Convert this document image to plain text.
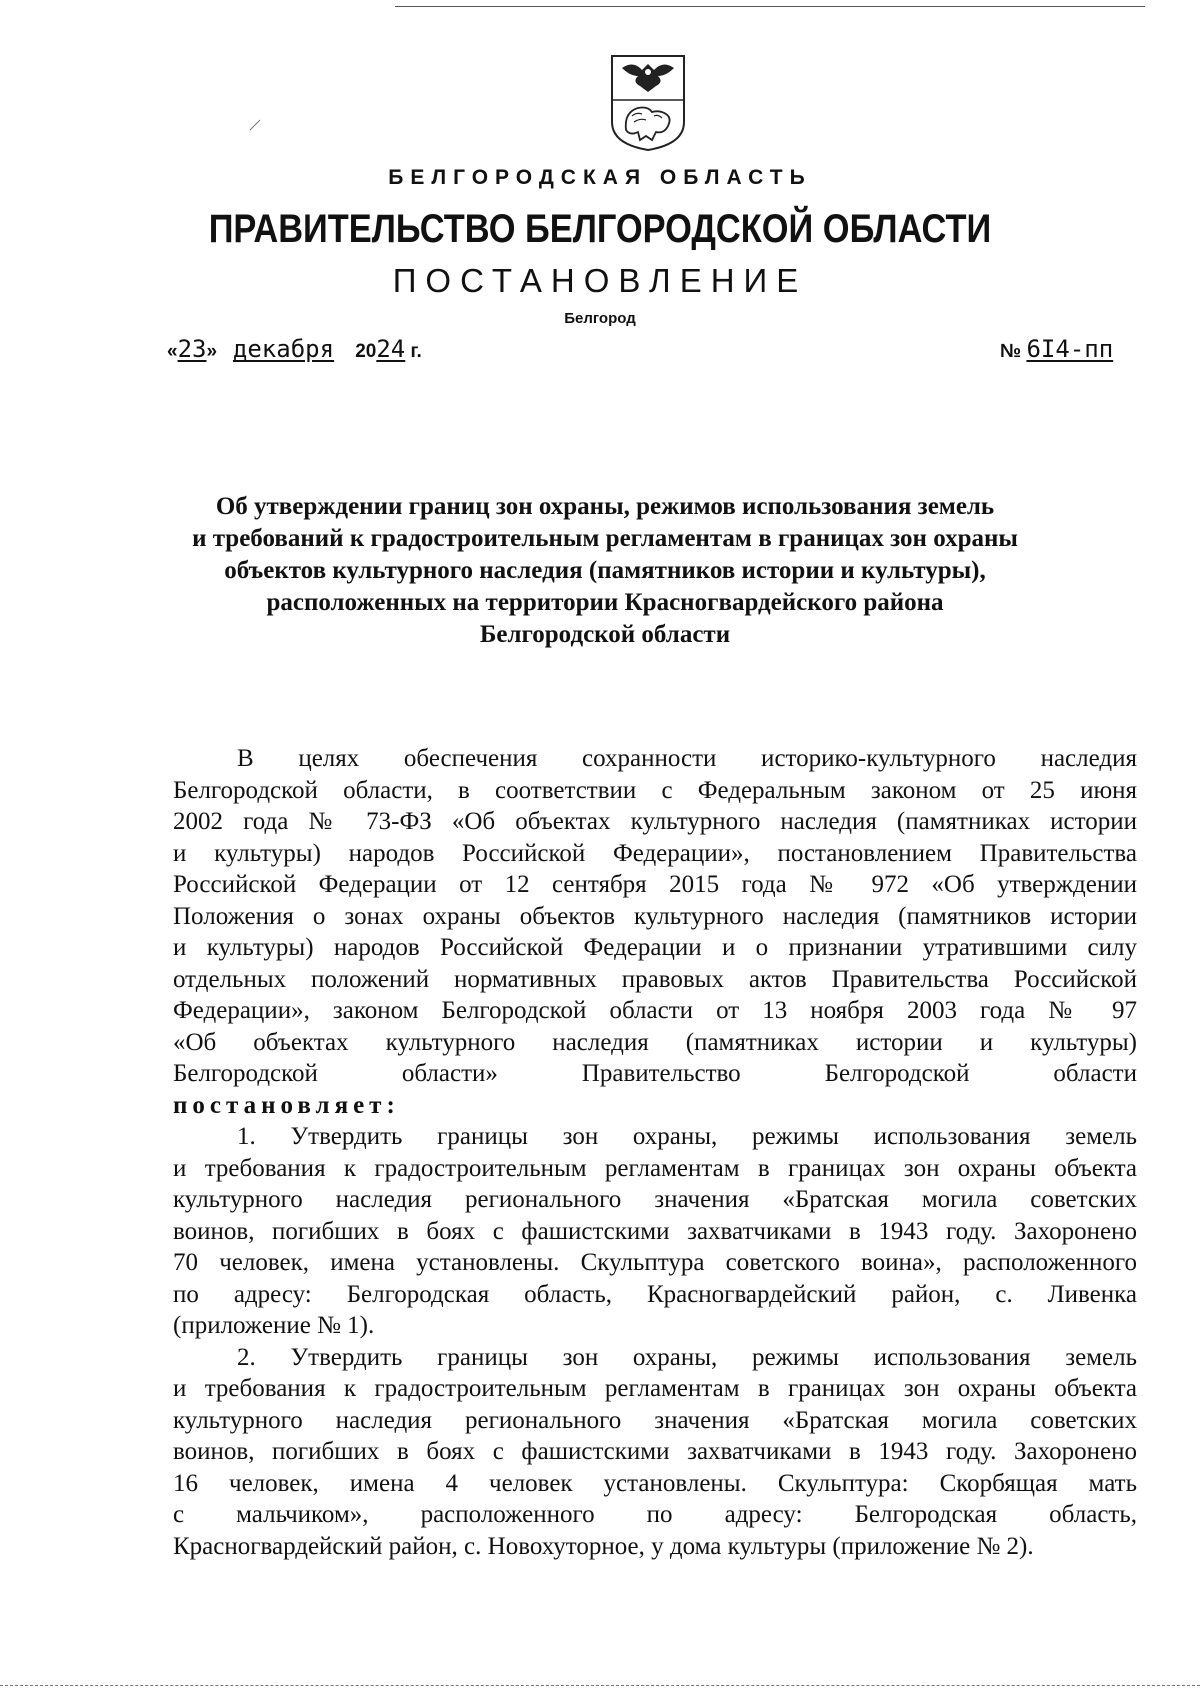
БЕЛГОРОДСКАЯ ОБЛАСТЬ
ПРАВИТЕЛЬСТВО БЕЛГОРОДСКОЙ ОБЛАСТИ
ПОСТАНОВЛЕНИЕ
Белгород
«23» декабря 2024 г.	№ 6I4-пп
Об утверждении границ зон охраны, режимов использования земель
и требований к градостроительным регламентам в границах зон охраны
объектов культурного наследия (памятников истории и культуры),
расположенных на территории Красногвардейского района
Белгородской области
В целях обеспечения сохранности историко-культурного наследия
Белгородской области, в соответствии с Федеральным законом от 25 июня
2002 года № 73-ФЗ «Об объектах культурного наследия (памятниках истории
и культуры) народов Российской Федерации», постановлением Правительства
Российской Федерации от 12 сентября 2015 года № 972 «Об утверждении
Положения о зонах охраны объектов культурного наследия (памятников истории
и культуры) народов Российской Федерации и о признании утратившими силу
отдельных положений нормативных правовых актов Правительства Российской
Федерации», законом Белгородской области от 13 ноября 2003 года № 97
«Об объектах культурного наследия (памятниках истории и культуры)
Белгородской области» Правительство Белгородской области
постановляет:
1. Утвердить границы зон охраны, режимы использования земель
и требования к градостроительным регламентам в границах зон охраны объекта
культурного наследия регионального значения «Братская могила советских
воинов, погибших в боях с фашистскими захватчиками в 1943 году. Захоронено
70 человек, имена установлены. Скульптура советского воина», расположенного
по адресу: Белгородская область, Красногвардейский район, с. Ливенка
(приложение № 1).
2. Утвердить границы зон охраны, режимы использования земель
и требования к градостроительным регламентам в границах зон охраны объекта
культурного наследия регионального значения «Братская могила советских
воинов, погибших в боях с фашистскими захватчиками в 1943 году. Захоронено
16 человек, имена 4 человек установлены. Скульптура: Скорбящая мать
с мальчиком», расположенного по адресу: Белгородская область,
Красногвардейский район, с. Новохуторное, у дома культуры (приложение № 2).
